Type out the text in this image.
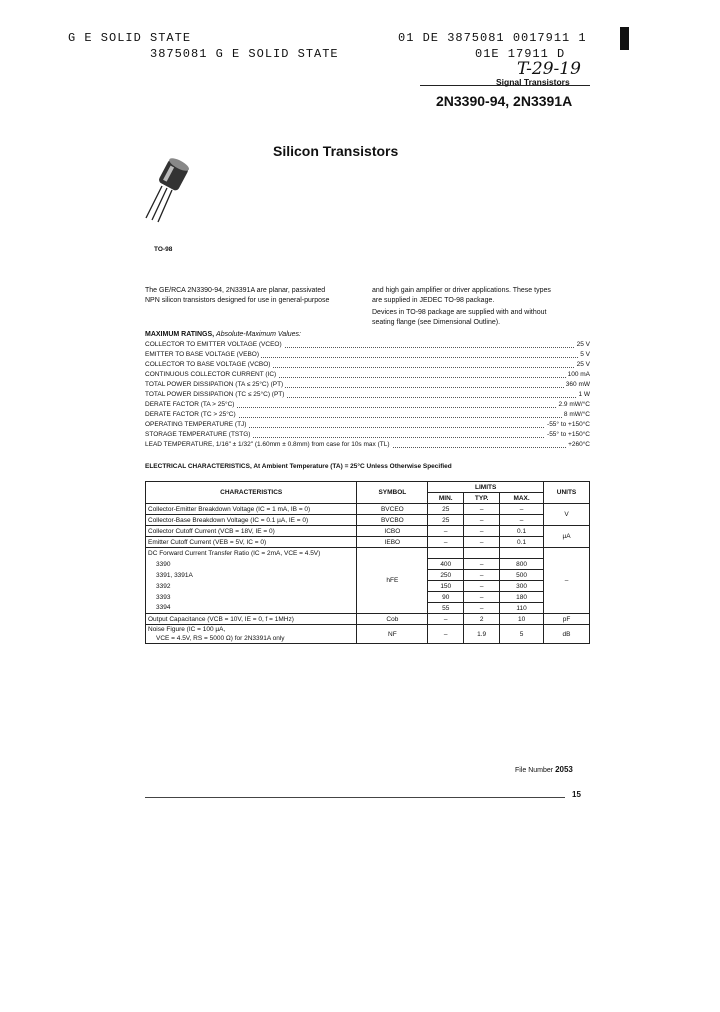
G E SOLID STATE	01 DE 3875081 0017911 1
3875081 G E SOLID STATE	01E 17911 D
T-29-19
Signal Transistors
2N3390-94, 2N3391A
Silicon Transistors
TO-98
The GE/RCA 2N3390-94, 2N3391A are planar, passivated
NPN silicon transistors designed for use in general-purpose
and high gain amplifier or driver applications. These types
are supplied in JEDEC TO-98 package.
Devices in TO-98 package are supplied with and without
seating flange (see Dimensional Outline).
MAXIMUM RATINGS, Absolute-Maximum Values:
COLLECTOR TO EMITTER VOLTAGE (VCEO)	25 V
EMITTER TO BASE VOLTAGE (VEBO)	5 V
COLLECTOR TO BASE VOLTAGE (VCBO)	25 V
CONTINUOUS COLLECTOR CURRENT (IC)	100 mA
TOTAL POWER DISSIPATION (TA ≤ 25°C) (PT)	360 mW
TOTAL POWER DISSIPATION (TC ≤ 25°C) (PT)	1 W
DERATE FACTOR (TA > 25°C)	2.9 mW/°C
DERATE FACTOR (TC > 25°C)	8 mW/°C
OPERATING TEMPERATURE (TJ)	-55° to +150°C
STORAGE TEMPERATURE (TSTG)	-55° to +150°C
LEAD TEMPERATURE, 1/16" ± 1/32" (1.60mm ± 0.8mm) from case for 10s max (TL)	+260°C
ELECTRICAL CHARACTERISTICS, At Ambient Temperature (TA) = 25°C Unless Otherwise Specified
CHARACTERISTICS	SYMBOL	LIMITS			UNITS
		MIN.	TYP.	MAX.	
Collector-Emitter Breakdown Voltage (IC = 1 mA, IB = 0)	BVCEO	25	–	–	V
Collector-Base Breakdown Voltage (IC = 0.1 µA, IE = 0)	BVCBO	25	–	–	
Collector Cutoff Current (VCB = 18V, IE = 0)	ICBO	–	–	0.1	µA
Emitter Cutoff Current (VEB = 5V, IC = 0)	IEBO	–	–	0.1	
DC Forward Current Transfer Ratio (IC = 2mA, VCE = 4.5V)	hFE				–
3390		400	–	800	
3391, 3391A		250	–	500	
3392		150	–	300	
3393		90	–	180	
3394		55	–	110	
Output Capacitance (VCB = 10V, IE = 0, f = 1MHz)	Cob	–	2	10	pF

Noise Figure (IC = 100 µA,
VCE = 4.5V, RS = 5000 Ω) for 2N3391A only	NF	–	1.9	5	dB
File Number 2053
15
